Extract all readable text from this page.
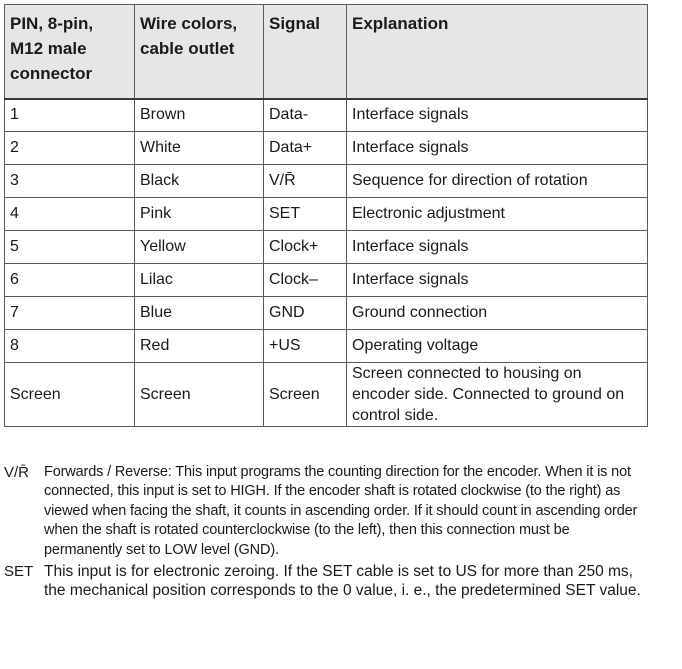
PIN, 8-pin, M12 male connector	Wire colors, cable outlet	Signal	Explanation
1	Brown	Data-	Interface signals
2	White	Data+	Interface signals
3	Black	V/R̄	Sequence for direction of rotation
4	Pink	SET	Electronic adjustment
5	Yellow	Clock+	Interface signals
6	Lilac	Clock–	Interface signals
7	Blue	GND	Ground connection
8	Red	+US	Operating voltage
Screen	Screen	Screen	Screen connected to housing on encoder side. Connected to ground on control side.
V/R̄	Forwards / Reverse: This input programs the counting direction for the encoder. When it is not connected, this input is set to HIGH. If the encoder shaft is rotated clockwise (to the right) as viewed when facing the shaft, it counts in ascending order. If it should count in ascending order when the shaft is rotated counterclockwise (to the left), then this connection must be permanently set to LOW level (GND).
SET This input is for electronic zeroing. If the SET cable is set to US for more than 250 ms, the mechanical position corresponds to the 0 value, i. e., the predetermined SET value.
